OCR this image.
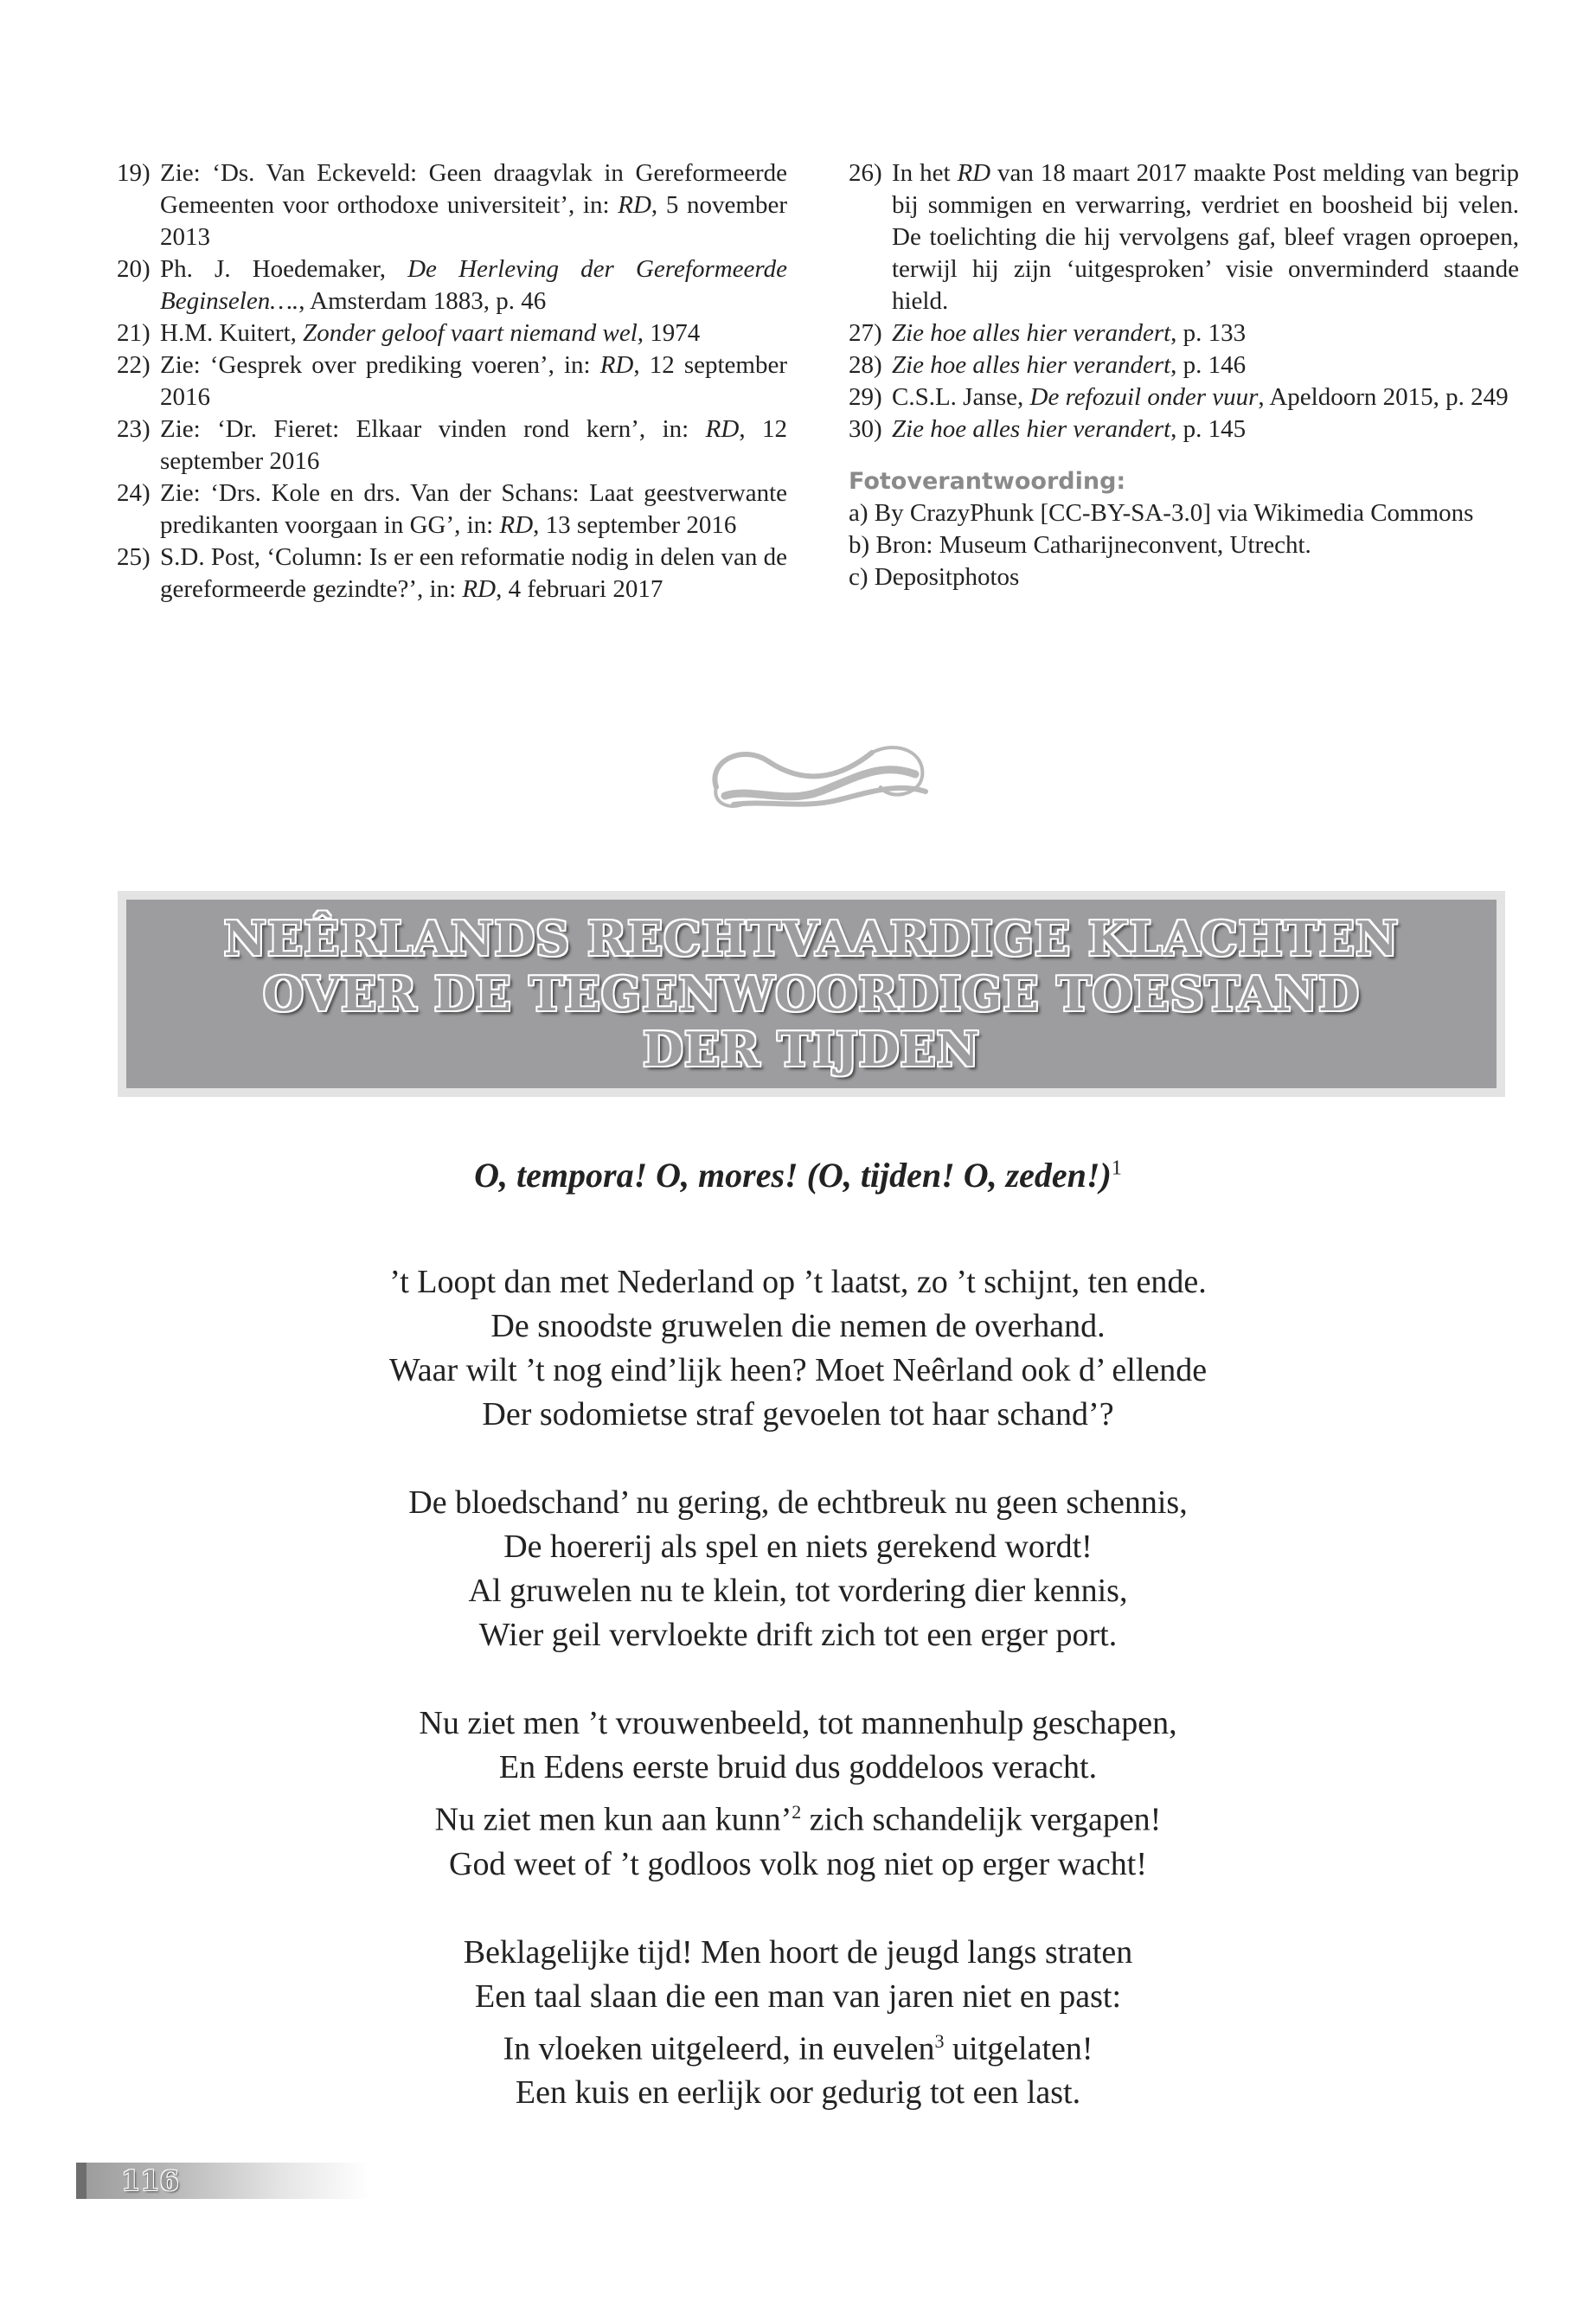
19) Zie: ‘Ds. Van Eckeveld: Geen draagvlak in Gereformeerde Gemeenten voor orthodoxe universiteit’, in: RD, 5 november 2013
20) Ph. J. Hoedemaker, De Herleving der Gereformeerde Beginselen…., Amsterdam 1883, p. 46
21) H.M. Kuitert, Zonder geloof vaart niemand wel, 1974
22) Zie: ‘Gesprek over prediking voeren’, in: RD, 12 september 2016
23) Zie: ‘Dr. Fieret: Elkaar vinden rond kern’, in: RD, 12 september 2016
24) Zie: ‘Drs. Kole en drs. Van der Schans: Laat geestverwante predikanten voorgaan in GG’, in: RD, 13 september 2016
25) S.D. Post, ‘Column: Is er een reformatie nodig in delen van de gereformeerde gezindte?’, in: RD, 4 februari 2017
26) In het RD van 18 maart 2017 maakte Post melding van begrip bij sommigen en verwarring, verdriet en boosheid bij velen. De toelichting die hij vervolgens gaf, bleef vragen oproepen, terwijl hij zijn ‘uitgesproken’ visie onverminderd staande hield.
27) Zie hoe alles hier verandert, p. 133
28) Zie hoe alles hier verandert, p. 146
29) C.S.L. Janse, De refozuil onder vuur, Apeldoorn 2015, p. 249
30) Zie hoe alles hier verandert, p. 145
Fotoverantwoording:
a) By CrazyPhunk [CC-BY-SA-3.0] via Wikimedia Commons
b) Bron: Museum Catharijneconvent, Utrecht.
c) Depositphotos
NEÊRLANDS RECHTVAARDIGE KLACHTEN
OVER DE TEGENWOORDIGE TOESTAND
DER TIJDEN
O, tempora! O, mores! (O, tijden! O, zeden!)$^1$
’t Loopt dan met Nederland op ’t laatst, zo ’t schijnt, ten ende.
De snoodste gruwelen die nemen de overhand.
Waar wilt ’t nog eind’lijk heen? Moet Neêrland ook d’ ellende
Der sodomietse straf gevoelen tot haar schand’?
De bloedschand’ nu gering, de echtbreuk nu geen schennis,
De hoererij als spel en niets gerekend wordt!
Al gruwelen nu te klein, tot vordering dier kennis,
Wier geil vervloekte drift zich tot een erger port.
Nu ziet men ’t vrouwenbeeld, tot mannenhulp geschapen,
En Edens eerste bruid dus goddeloos veracht.
Nu ziet men kun aan kunn’$^2$ zich schandelijk vergapen!
God weet of ’t godloos volk nog niet op erger wacht!
Beklagelijke tijd! Men hoort de jeugd langs straten
Een taal slaan die een man van jaren niet en past:
In vloeken uitgeleerd, in euvelen$^3$ uitgelaten!
Een kuis en eerlijk oor gedurig tot een last.
116
